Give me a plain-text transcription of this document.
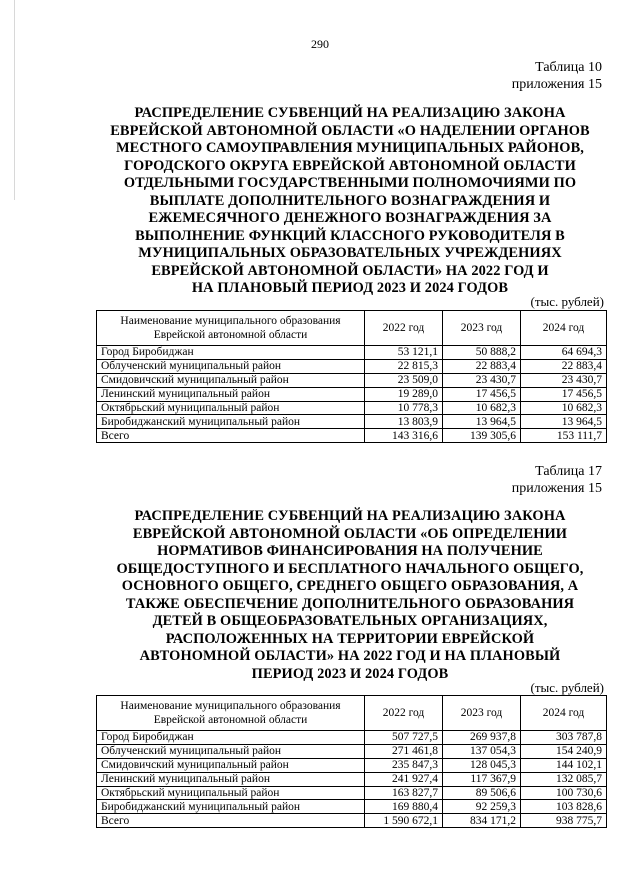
290
Таблица 10
приложения 15
РАСПРЕДЕЛЕНИЕ СУБВЕНЦИЙ НА РЕАЛИЗАЦИЮ ЗАКОНА
ЕВРЕЙСКОЙ АВТОНОМНОЙ ОБЛАСТИ «О НАДЕЛЕНИИ ОРГАНОВ
МЕСТНОГО САМОУПРАВЛЕНИЯ МУНИЦИПАЛЬНЫХ РАЙОНОВ,
ГОРОДСКОГО ОКРУГА ЕВРЕЙСКОЙ АВТОНОМНОЙ ОБЛАСТИ
ОТДЕЛЬНЫМИ ГОСУДАРСТВЕННЫМИ ПОЛНОМОЧИЯМИ ПО
ВЫПЛАТЕ ДОПОЛНИТЕЛЬНОГО ВОЗНАГРАЖДЕНИЯ И
ЕЖЕМЕСЯЧНОГО ДЕНЕЖНОГО ВОЗНАГРАЖДЕНИЯ ЗА
ВЫПОЛНЕНИЕ ФУНКЦИЙ КЛАССНОГО РУКОВОДИТЕЛЯ В
МУНИЦИПАЛЬНЫХ ОБРАЗОВАТЕЛЬНЫХ УЧРЕЖДЕНИЯХ
ЕВРЕЙСКОЙ АВТОНОМНОЙ ОБЛАСТИ» НА 2022 ГОД И
НА ПЛАНОВЫЙ ПЕРИОД 2023 И 2024 ГОДОВ
(тыс. рублей)
Наименование муниципального образования
Еврейской автономной области	2022 год	2023 год	2024 год
Город Биробиджан	53 121,1	50 888,2	64 694,3
Облученский муниципальный район	22 815,3	22 883,4	22 883,4
Смидовичский муниципальный район	23 509,0	23 430,7	23 430,7
Ленинский муниципальный район	19 289,0	17 456,5	17 456,5
Октябрьский муниципальный район	10 778,3	10 682,3	10 682,3
Биробиджанский муниципальный район	13 803,9	13 964,5	13 964,5
Всего	143 316,6	139 305,6	153 111,7
Таблица 17
приложения 15
РАСПРЕДЕЛЕНИЕ СУБВЕНЦИЙ НА РЕАЛИЗАЦИЮ ЗАКОНА
ЕВРЕЙСКОЙ АВТОНОМНОЙ ОБЛАСТИ «ОБ ОПРЕДЕЛЕНИИ
НОРМАТИВОВ ФИНАНСИРОВАНИЯ НА ПОЛУЧЕНИЕ
ОБЩЕДОСТУПНОГО И БЕСПЛАТНОГО НАЧАЛЬНОГО ОБЩЕГО,
ОСНОВНОГО ОБЩЕГО, СРЕДНЕГО ОБЩЕГО ОБРАЗОВАНИЯ, А
ТАКЖЕ ОБЕСПЕЧЕНИЕ ДОПОЛНИТЕЛЬНОГО ОБРАЗОВАНИЯ
ДЕТЕЙ В ОБЩЕОБРАЗОВАТЕЛЬНЫХ ОРГАНИЗАЦИЯХ,
РАСПОЛОЖЕННЫХ НА ТЕРРИТОРИИ ЕВРЕЙСКОЙ
АВТОНОМНОЙ ОБЛАСТИ» НА 2022 ГОД И НА ПЛАНОВЫЙ
ПЕРИОД 2023 И 2024 ГОДОВ
(тыс. рублей)
Наименование муниципального образования
Еврейской автономной области	2022 год	2023 год	2024 год
Город Биробиджан	507 727,5	269 937,8	303 787,8
Облученский муниципальный район	271 461,8	137 054,3	154 240,9
Смидовичский муниципальный район	235 847,3	128 045,3	144 102,1
Ленинский муниципальный район	241 927,4	117 367,9	132 085,7
Октябрьский муниципальный район	163 827,7	89 506,6	100 730,6
Биробиджанский муниципальный район	169 880,4	92 259,3	103 828,6
Всего	1 590 672,1	834 171,2	938 775,7
